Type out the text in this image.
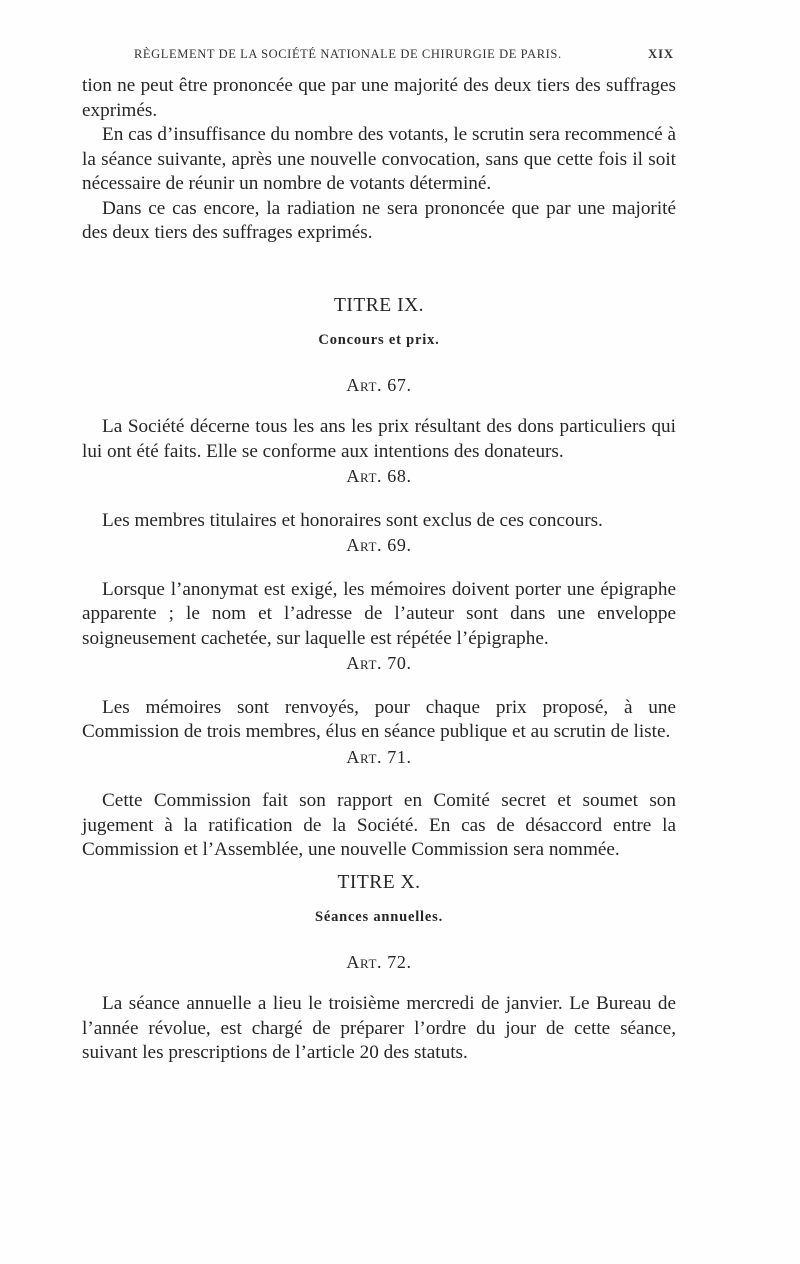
RÈGLEMENT DE LA SOCIÉTÉ NATIONALE DE CHIRURGIE DE PARIS.	XIX

tion ne peut être prononcée que par une majorité des deux tiers des suffrages exprimés.

En cas d’insuffisance du nombre des votants, le scrutin sera recommencé à la séance suivante, après une nouvelle convocation, sans que cette fois il soit nécessaire de réunir un nombre de votants déterminé.

Dans ce cas encore, la radiation ne sera prononcée que par une majorité des deux tiers des suffrages exprimés.

TITRE IX.
Concours et prix.
Art. 67.

La Société décerne tous les ans les prix résultant des dons particuliers qui lui ont été faits. Elle se conforme aux intentions des donateurs.

Art. 68.

Les membres titulaires et honoraires sont exclus de ces concours.

Art. 69.

Lorsque l’anonymat est exigé, les mémoires doivent porter une épigraphe apparente ; le nom et l’adresse de l’auteur sont dans une enveloppe soigneusement cachetée, sur laquelle est répétée l’épigraphe.

Art. 70.

Les mémoires sont renvoyés, pour chaque prix proposé, à une Commission de trois membres, élus en séance publique et au scrutin de liste.

Art. 71.

Cette Commission fait son rapport en Comité secret et soumet son jugement à la ratification de la Société. En cas de désaccord entre la Commission et l’Assemblée, une nouvelle Commission sera nommée.

TITRE X.
Séances annuelles.
Art. 72.

La séance annuelle a lieu le troisième mercredi de janvier. Le Bureau de l’année révolue, est chargé de préparer l’ordre du jour de cette séance, suivant les prescriptions de l’article 20 des statuts.
